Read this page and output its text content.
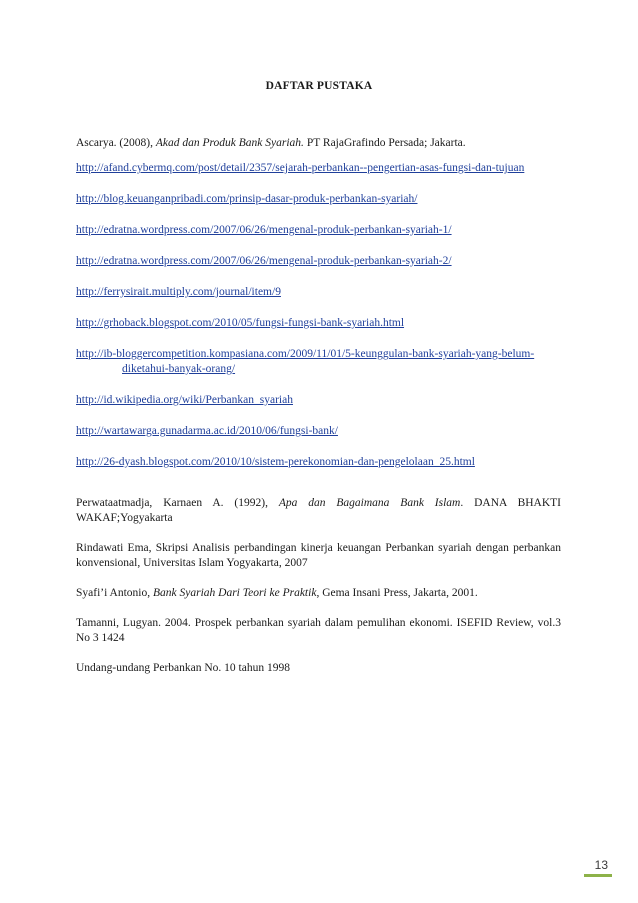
DAFTAR PUSTAKA

Ascarya. (2008), Akad dan Produk Bank Syariah. PT RajaGrafindo Persada; Jakarta.

http://afand.cybermq.com/post/detail/2357/sejarah-perbankan--pengertian-asas-fungsi-dan-tujuan

http://blog.keuanganpribadi.com/prinsip-dasar-produk-perbankan-syariah/

http://edratna.wordpress.com/2007/06/26/mengenal-produk-perbankan-syariah-1/

http://edratna.wordpress.com/2007/06/26/mengenal-produk-perbankan-syariah-2/

http://ferrysirait.multiply.com/journal/item/9

http://grhoback.blogspot.com/2010/05/fungsi-fungsi-bank-syariah.html

http://ib-bloggercompetition.kompasiana.com/2009/11/01/5-keunggulan-bank-syariah-yang-belum-diketahui-banyak-orang/

http://id.wikipedia.org/wiki/Perbankan_syariah

http://wartawarga.gunadarma.ac.id/2010/06/fungsi-bank/

http://26-dyash.blogspot.com/2010/10/sistem-perekonomian-dan-pengelolaan_25.html

Perwataatmadja, Karnaen A. (1992), Apa dan Bagaimana Bank Islam. DANA BHAKTI WAKAF;Yogyakarta

Rindawati Ema, Skripsi Analisis perbandingan kinerja keuangan Perbankan syariah dengan perbankan konvensional, Universitas Islam Yogyakarta, 2007

Syafi’i Antonio, Bank Syariah Dari Teori ke Praktik, Gema Insani Press, Jakarta, 2001.

Tamanni, Lugyan. 2004. Prospek perbankan syariah dalam pemulihan ekonomi. ISEFID Review, vol.3 No 3 1424

Undang-undang Perbankan No. 10 tahun 1998

13
